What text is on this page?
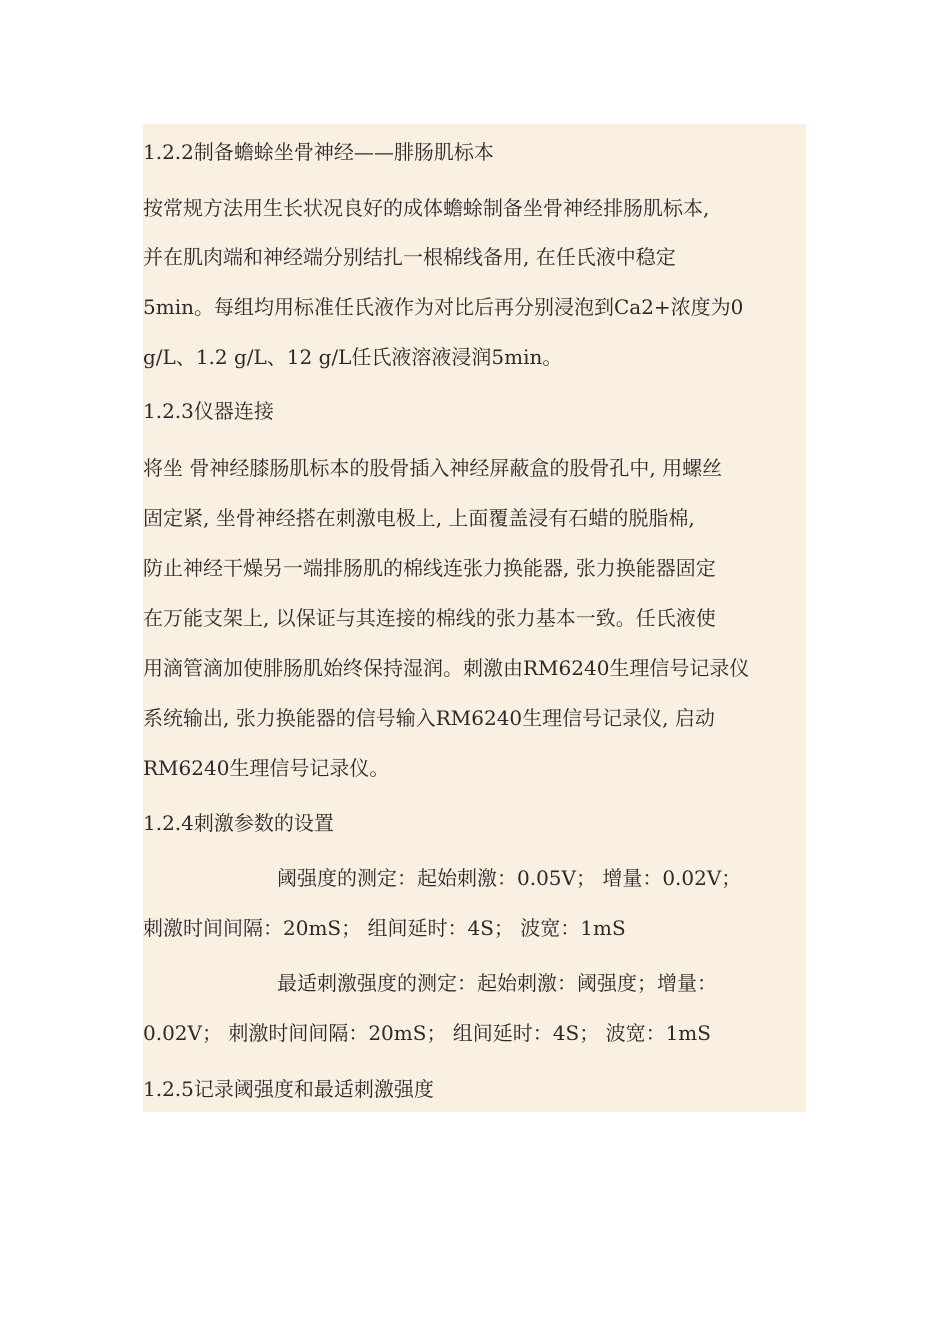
1.2.2制备蟾蜍坐骨神经——腓肠肌标本
按常规方法用生长状况良好的成体蟾蜍制备坐骨神经排肠肌标本,
并在肌肉端和神经端分别结扎一根棉线备用, 在任氏液中稳定
5min。每组均用标准任氏液作为对比后再分别浸泡到Ca2+浓度为0
g/L、1.2 g/L、12 g/L任氏液溶液浸润5min。
1.2.3仪器连接
将坐 骨神经膝肠肌标本的股骨插入神经屏蔽盒的股骨孔中, 用螺丝
固定紧, 坐骨神经搭在刺激电极上, 上面覆盖浸有石蜡的脱脂棉,
防止神经干燥另一端排肠肌的棉线连张力换能器, 张力换能器固定
在万能支架上, 以保证与其连接的棉线的张力基本一致。任氏液使
用滴管滴加使腓肠肌始终保持湿润。刺激由RM6240生理信号记录仪
系统输出, 张力换能器的信号输入RM6240生理信号记录仪, 启动
RM6240生理信号记录仪。
1.2.4刺激参数的设置
阈强度的测定：起始刺激：0.05V； 增量：0.02V；
刺激时间间隔：20mS； 组间延时：4S； 波宽：1mS
最适刺激强度的测定：起始刺激：阈强度；增量：
0.02V； 刺激时间间隔：20mS； 组间延时：4S； 波宽：1mS
1.2.5记录阈强度和最适刺激强度
